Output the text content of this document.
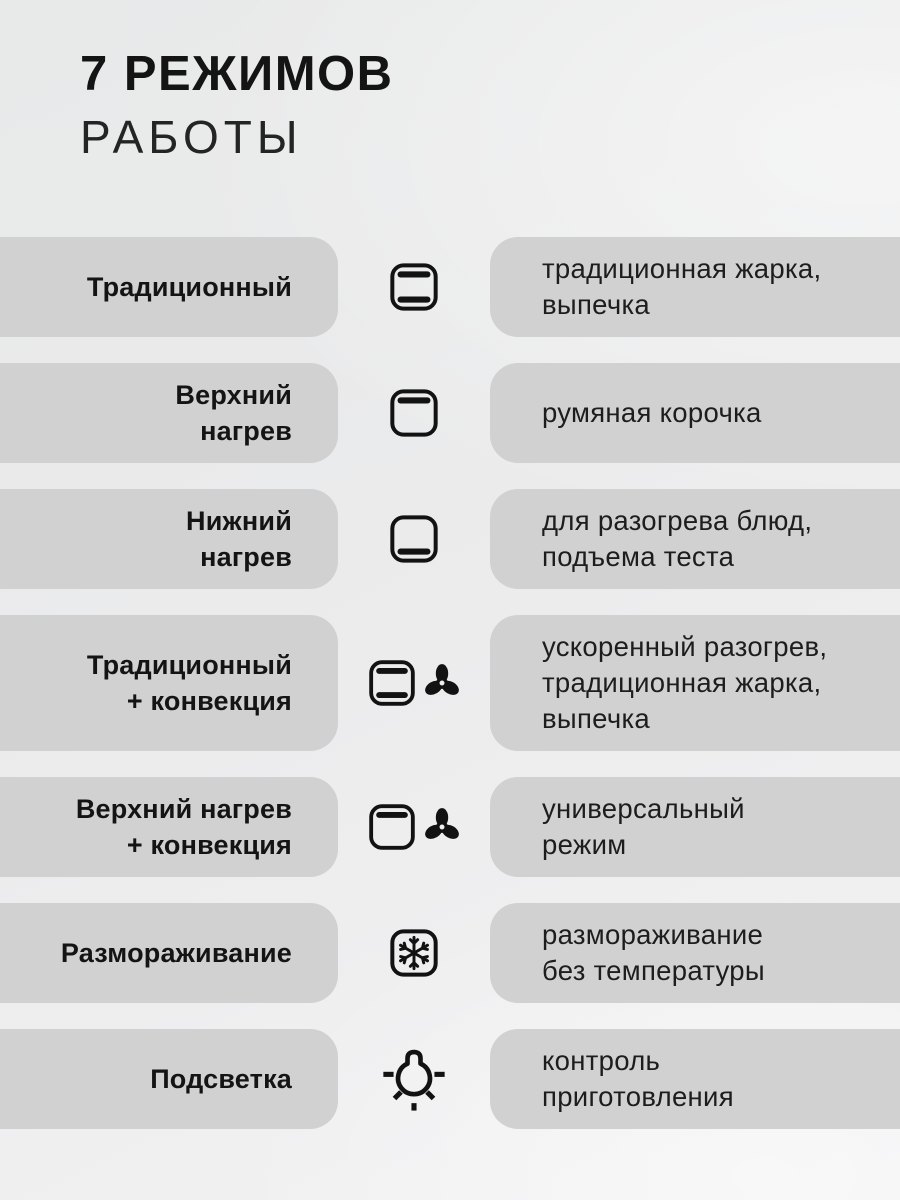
7 РЕЖИМОВ
РАБОТЫ
Традиционный
традиционная жарка,
выпечка
Верхний
нагрев
румяная корочка
Нижний
нагрев
для разогрева блюд,
подъема теста
Традиционный
+ конвекция
ускоренный разогрев,
традиционная жарка,
выпечка
Верхний нагрев
+ конвекция
универсальный
режим
Размораживание
размораживание
без температуры
Подсветка
контроль
приготовления
